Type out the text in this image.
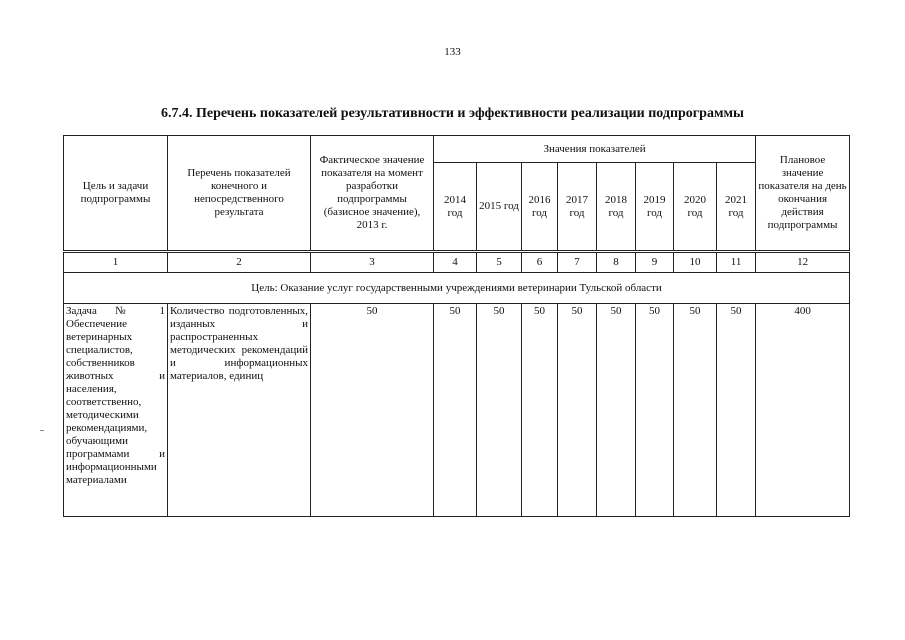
133
6.7.4. Перечень показателей результативности и эффективности реализации подпрограммы
Цель и задачи подпрограммы	Перечень показателей конечного и непосредственного результата	Фактическое значение показателя на момент разработки подпрограммы (базисное значение), 2013 г.	Значения показателей								Плановое значение показателя на день окончания действия подпрограммы
			2014 год	2015 год	2016 год	2017 год	2018 год	2019 год	2020 год	2021 год	
1	2	3	4	5	6	7	8	9	10	11	12
Цель: Оказание услуг государственными учреждениями ветеринарии Тульской области											
Задача № 1 Обеспечение ветеринарных специалистов, собственников животных и населения, соответственно, методическими рекомендациями, обучающими программами и информационными материалами	Количество подготовленных, изданных и распространенных методических рекомендаций и информационных материалов, единиц	50	50	50	50	50	50	50	50	50	400
